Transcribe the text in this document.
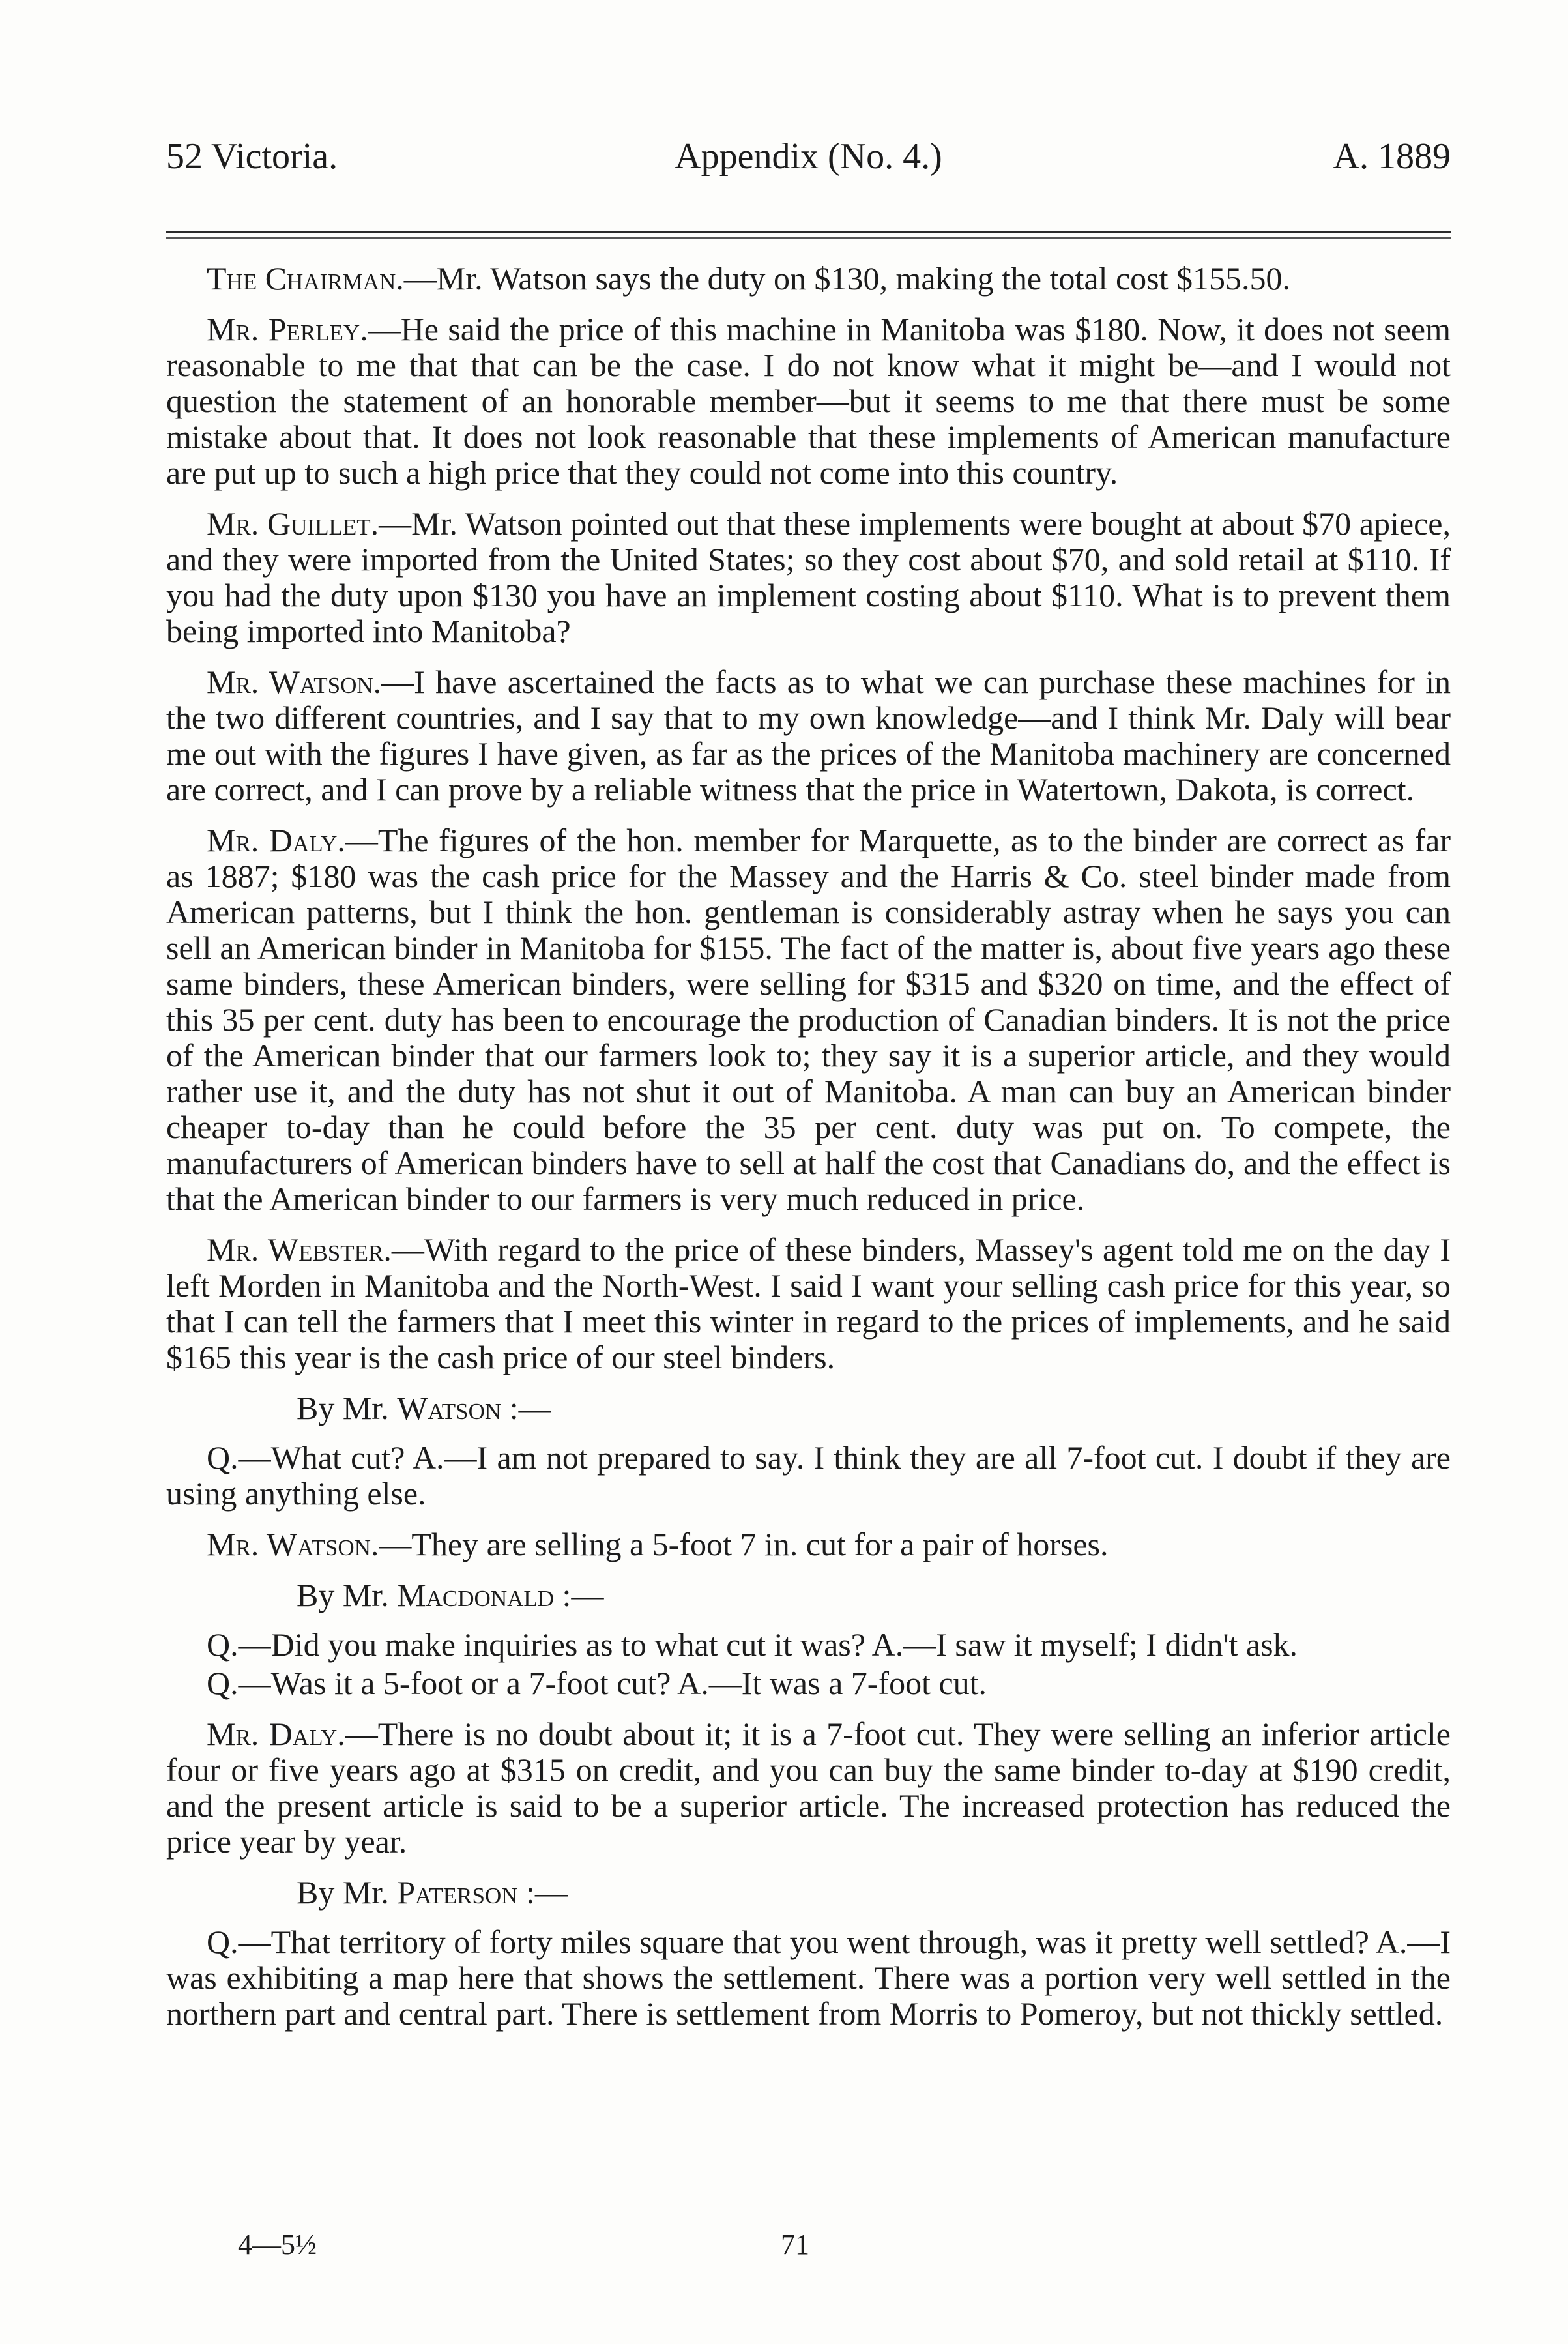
52 Victoria.	Appendix (No. 4.)	A. 1889

The Chairman.—Mr. Watson says the duty on $130, making the total cost $155.50.

Mr. Perley.—He said the price of this machine in Manitoba was $180. Now, it does not seem reasonable to me that that can be the case. I do not know what it might be—and I would not question the statement of an honorable member—but it seems to me that there must be some mistake about that. It does not look reasonable that these implements of American manufacture are put up to such a high price that they could not come into this country.

Mr. Guillet.—Mr. Watson pointed out that these implements were bought at about $70 apiece, and they were imported from the United States; so they cost about $70, and sold retail at $110. If you had the duty upon $130 you have an implement costing about $110. What is to prevent them being imported into Manitoba?

Mr. Watson.—I have ascertained the facts as to what we can purchase these machines for in the two different countries, and I say that to my own knowledge—and I think Mr. Daly will bear me out with the figures I have given, as far as the prices of the Manitoba machinery are concerned are correct, and I can prove by a reliable witness that the price in Watertown, Dakota, is correct.

Mr. Daly.—The figures of the hon. member for Marquette, as to the binder are correct as far as 1887; $180 was the cash price for the Massey and the Harris & Co. steel binder made from American patterns, but I think the hon. gentleman is considerably astray when he says you can sell an American binder in Manitoba for $155. The fact of the matter is, about five years ago these same binders, these American binders, were selling for $315 and $320 on time, and the effect of this 35 per cent. duty has been to encourage the production of Canadian binders. It is not the price of the American binder that our farmers look to; they say it is a superior article, and they would rather use it, and the duty has not shut it out of Manitoba. A man can buy an American binder cheaper to-day than he could before the 35 per cent. duty was put on. To compete, the manufacturers of American binders have to sell at half the cost that Canadians do, and the effect is that the American binder to our farmers is very much reduced in price.

Mr. Webster.—With regard to the price of these binders, Massey's agent told me on the day I left Morden in Manitoba and the North-West. I said I want your selling cash price for this year, so that I can tell the farmers that I meet this winter in regard to the prices of implements, and he said $165 this year is the cash price of our steel binders.

By Mr. Watson :—

Q.—What cut? A.—I am not prepared to say. I think they are all 7-foot cut. I doubt if they are using anything else.

Mr. Watson.—They are selling a 5-foot 7 in. cut for a pair of horses.

By Mr. Macdonald :—

Q.—Did you make inquiries as to what cut it was? A.—I saw it myself; I didn't ask.

Q.—Was it a 5-foot or a 7-foot cut? A.—It was a 7-foot cut.

Mr. Daly.—There is no doubt about it; it is a 7-foot cut. They were selling an inferior article four or five years ago at $315 on credit, and you can buy the same binder to-day at $190 credit, and the present article is said to be a superior article. The increased protection has reduced the price year by year.

By Mr. Paterson :—

Q.—That territory of forty miles square that you went through, was it pretty well settled? A.—I was exhibiting a map here that shows the settlement. There was a portion very well settled in the northern part and central part. There is settlement from Morris to Pomeroy, but not thickly settled.

4—5½	71
